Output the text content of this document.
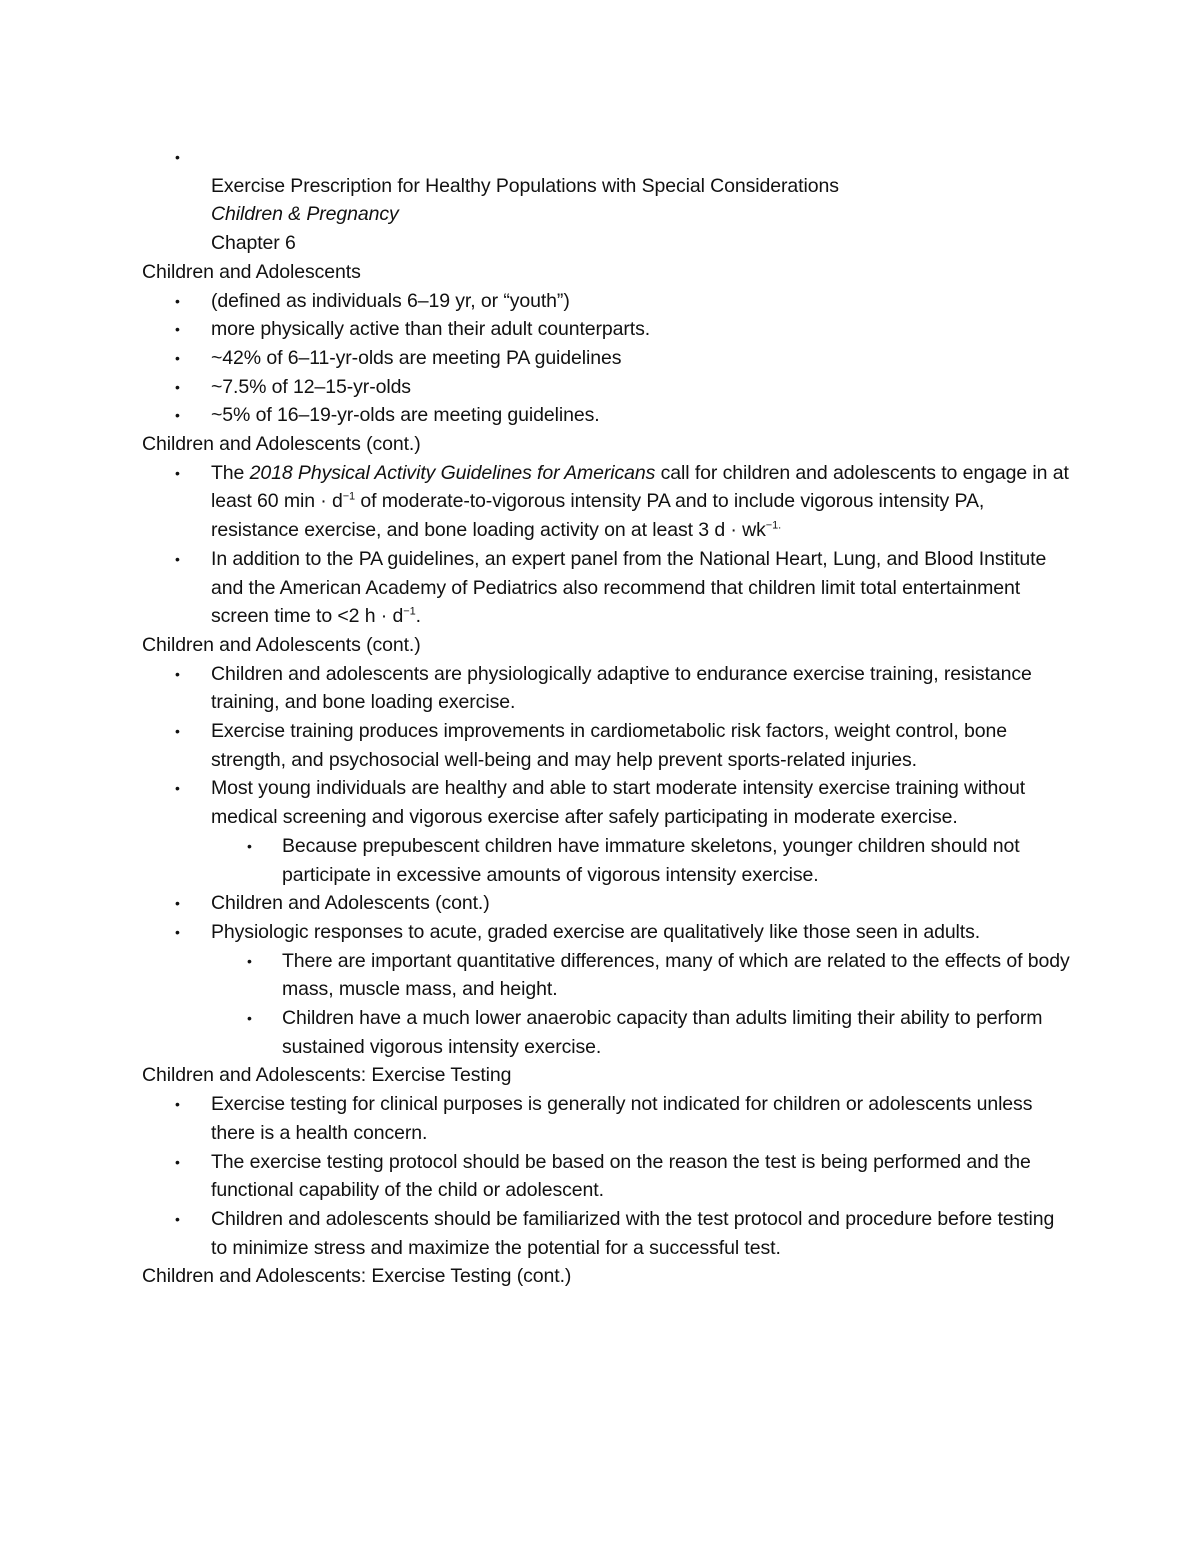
•
Exercise Prescription for Healthy Populations with Special Considerations
Children & Pregnancy
Chapter 6
Children and Adolescents
• (defined as individuals 6–19 yr, or “youth”)
• more physically active than their adult counterparts.
• ~42% of 6–11-yr-olds are meeting PA guidelines
• ~7.5% of 12–15-yr-olds
• ~5% of 16–19-yr-olds are meeting guidelines.
Children and Adolescents (cont.)
• The 2018 Physical Activity Guidelines for Americans call for children and adolescents to engage in at least 60 $\min \cdot d^{-1}$ of moderate-to-vigorous intensity PA and to include vigorous intensity PA, resistance exercise, and bone loading activity on at least 3 $d \cdot wk^{-1.}$
• In addition to the PA guidelines, an expert panel from the National Heart, Lung, and Blood Institute and the American Academy of Pediatrics also recommend that children limit total entertainment screen time to <2 $h \cdot d^{-1}$.
Children and Adolescents (cont.)
• Children and adolescents are physiologically adaptive to endurance exercise training, resistance training, and bone loading exercise.
• Exercise training produces improvements in cardiometabolic risk factors, weight control, bone strength, and psychosocial well-being and may help prevent sports-related injuries.
• Most young individuals are healthy and able to start moderate intensity exercise training without medical screening and vigorous exercise after safely participating in moderate exercise.
• Because prepubescent children have immature skeletons, younger children should not participate in excessive amounts of vigorous intensity exercise.
• Children and Adolescents (cont.)
• Physiologic responses to acute, graded exercise are qualitatively like those seen in adults.
• There are important quantitative differences, many of which are related to the effects of body mass, muscle mass, and height.
• Children have a much lower anaerobic capacity than adults limiting their ability to perform sustained vigorous intensity exercise.
Children and Adolescents: Exercise Testing
• Exercise testing for clinical purposes is generally not indicated for children or adolescents unless there is a health concern.
• The exercise testing protocol should be based on the reason the test is being performed and the functional capability of the child or adolescent.
• Children and adolescents should be familiarized with the test protocol and procedure before testing to minimize stress and maximize the potential for a successful test.
Children and Adolescents: Exercise Testing (cont.)
